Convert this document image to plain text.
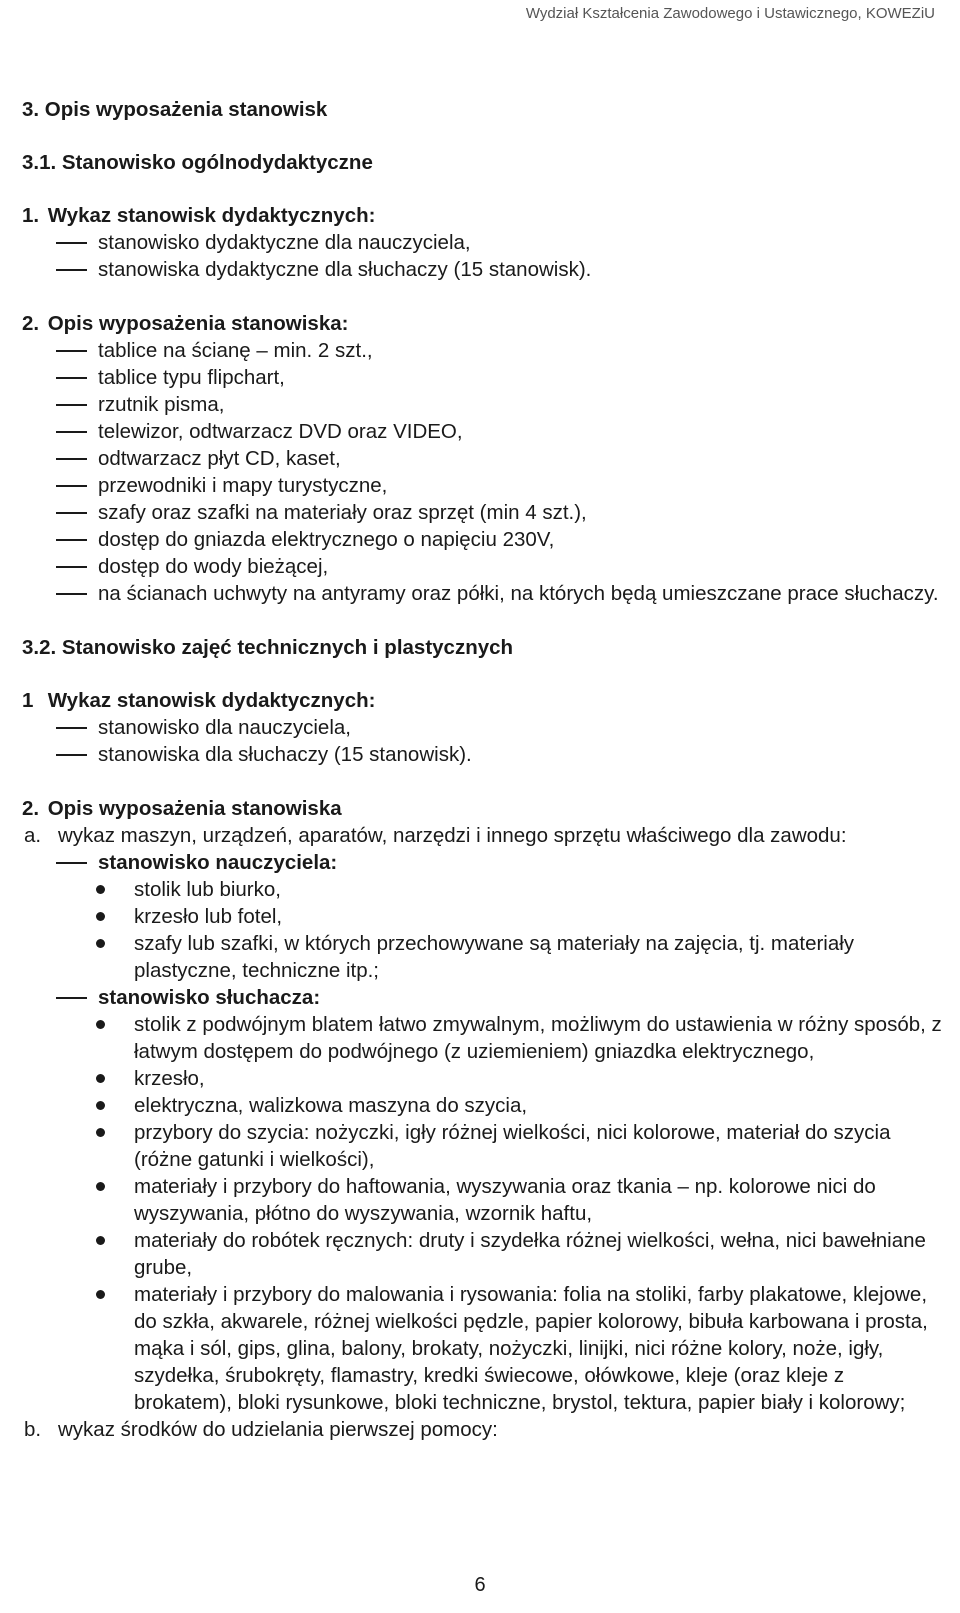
Wydział Kształcenia Zawodowego i Ustawicznego, KOWEZiU
3. Opis wyposażenia stanowisk
3.1. Stanowisko ogólnodydaktyczne
1. Wykaz stanowisk dydaktycznych:
stanowisko dydaktyczne dla nauczyciela,
stanowiska dydaktyczne dla słuchaczy (15 stanowisk).
2. Opis wyposażenia stanowiska:
tablice na ścianę – min. 2 szt.,
tablice typu flipchart,
rzutnik pisma,
telewizor, odtwarzacz DVD oraz VIDEO,
odtwarzacz płyt CD, kaset,
przewodniki i mapy turystyczne,
szafy oraz szafki na materiały oraz sprzęt (min 4 szt.),
dostęp do gniazda elektrycznego o napięciu 230V,
dostęp do wody bieżącej,
na ścianach uchwyty na antyramy oraz półki, na których będą umieszczane prace słuchaczy.
3.2. Stanowisko zajęć technicznych i plastycznych
1 Wykaz stanowisk dydaktycznych:
stanowisko dla nauczyciela,
stanowiska dla słuchaczy (15 stanowisk).
2. Opis wyposażenia stanowiska
a. wykaz maszyn, urządzeń, aparatów, narzędzi i innego sprzętu właściwego dla zawodu:
stanowisko nauczyciela:
stolik lub biurko,
krzesło lub fotel,
szafy lub szafki, w których przechowywane są materiały na zajęcia, tj. materiały plastyczne, techniczne itp.;
stanowisko słuchacza:
stolik z podwójnym blatem łatwo zmywalnym, możliwym do ustawienia w różny sposób, z łatwym dostępem do podwójnego (z uziemieniem) gniazdka elektrycznego,
krzesło,
elektryczna, walizkowa maszyna do szycia,
przybory do szycia: nożyczki, igły różnej wielkości, nici kolorowe, materiał do szycia (różne gatunki i wielkości),
materiały i przybory do haftowania, wyszywania oraz tkania – np. kolorowe nici do wyszywania, płótno do wyszywania, wzornik haftu,
materiały do robótek ręcznych: druty i szydełka różnej wielkości, wełna, nici bawełniane grube,
materiały i przybory do malowania i rysowania: folia na stoliki, farby plakatowe, klejowe, do szkła, akwarele, różnej wielkości pędzle, papier kolorowy, bibuła karbowana i prosta, mąka i sól, gips, glina, balony, brokaty, nożyczki, linijki, nici różne kolory, noże, igły, szydełka, śrubokręty, flamastry, kredki świecowe, ołówkowe, kleje (oraz kleje z brokatem), bloki rysunkowe, bloki techniczne, brystol, tektura, papier biały i kolorowy;
b. wykaz środków do udzielania pierwszej pomocy:
6
